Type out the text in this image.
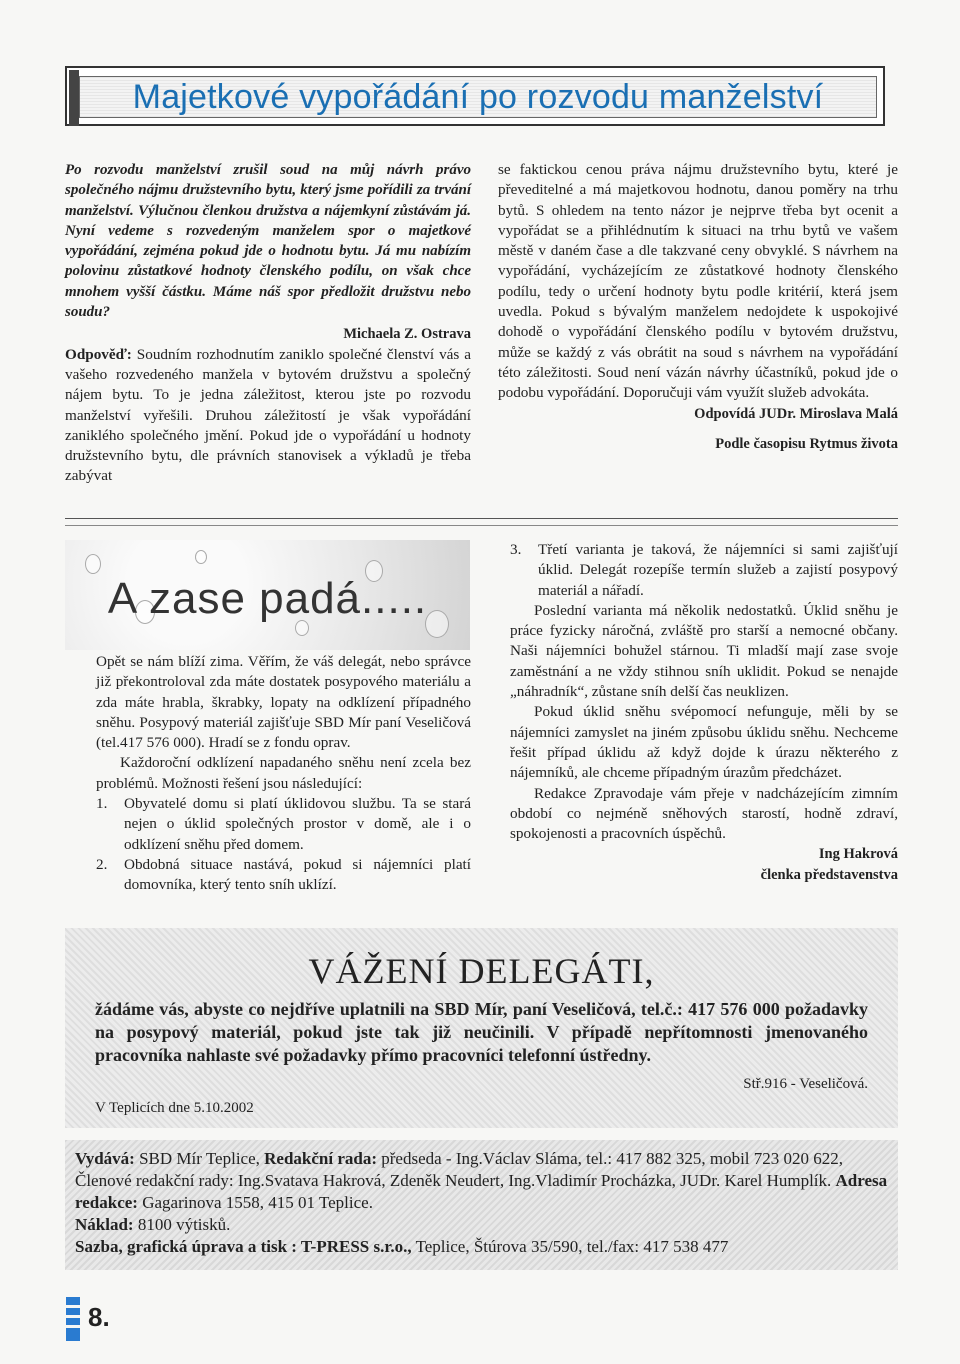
Majetkové vypořádání po rozvodu manželství

Po rozvodu manželství zrušil soud na můj návrh právo společného nájmu družstevního bytu, který jsme pořídili za trvání manželství. Výlučnou členkou družstva a nájemkyní zůstávám já. Nyní vedeme s rozvedeným manželem spor o majetkové vypořádání, zejména pokud jde o hodnotu bytu. Já mu nabízím polovinu zůstatkové hodnoty členského podílu, on však chce mnohem vyšší částku. Máme náš spor předložit družstvu nebo soudu?

Michaela Z. Ostrava

Odpověď: Soudním rozhodnutím zaniklo společné členství vás a vašeho rozvedeného manžela v bytovém družstvu a společný nájem bytu. To je jedna záležitost, kterou jste po rozvodu manželství vyřešili. Druhou záležitostí je však vypořádání zaniklého společného jmění. Pokud jde o vypořádání u hodnoty družstevního bytu, dle právních stanovisek a výkladů je třeba zabývat

se faktickou cenou práva nájmu družstevního bytu, které je převeditelné a má majetkovou hodnotu, danou poměry na trhu bytů. S ohledem na tento názor je nejprve třeba byt ocenit a vypořádat se a přihlédnutím k situaci na trhu bytů ve vašem městě v daném čase a dle takzvané ceny obvyklé. S návrhem na vypořádání, vycházejícím ze zůstatkové hodnoty členského podílu, tedy o určení hodnoty bytu podle kritérií, která jsem uvedla. Pokud s bývalým manželem nedojdete k uspokojivé dohodě o vypořádání členského podílu v bytovém družstvu, může se každý z vás obrátit na soud s návrhem na vypořádání této záležitosti. Soud není vázán návrhy účastníků, pokud jde o podobu vypořádání. Doporučuji vám využít služeb advokáta.

Odpovídá JUDr. Miroslava Malá

Podle časopisu Rytmus života

A zase padá.....

Opět se nám blíží zima. Věřím, že váš delegát, nebo správce již překontroloval zda máte dostatek posypového materiálu a zda máte hrabla, škrabky, lopaty na odklízení případného sněhu. Posypový materiál zajišťuje SBD Mír paní Veseličová (tel.417 576 000). Hradí se z fondu oprav.

Každoroční odklízení napadaného sněhu není zcela bez problémů. Možnosti řešení jsou následující:

1. Obyvatelé domu si platí úklidovou službu. Ta se stará nejen o úklid společných prostor v domě, ale i o odklízení sněhu před domem.
2. Obdobná situace nastává, pokud si nájemníci platí domovníka, který tento sníh uklízí.
3. Třetí varianta je taková, že nájemníci si sami zajišťují úklid. Delegát rozepíše termín služeb a zajistí posypový materiál a nářadí.

Poslední varianta má několik nedostatků. Úklid sněhu je práce fyzicky náročná, zvláště pro starší a nemocné občany. Naši nájemníci bohužel stárnou. Ti mladší mají zase svoje zaměstnání a ne vždy stihnou sníh uklidit. Pokud se nenajde „náhradník“, zůstane sníh delší čas neuklizen.

Pokud úklid sněhu svépomocí nefunguje, měli by se nájemníci zamyslet na jiném způsobu úklidu sněhu. Nechceme řešit případ úklidu až když dojde k úrazu některého z nájemníků, ale chceme případným úrazům předcházet.

Redakce Zpravodaje vám přeje v nadcházejícím zimním období co nejméně sněhových starostí, hodně zdraví, spokojenosti a pracovních úspěchů.

Ing Hakrová

členka představenstva

VÁŽENÍ DELEGÁTI,
žádáme vás, abyste co nejdříve uplatnili na SBD Mír, paní Veseličová, tel.č.: 417 576 000 požadavky na posypový materiál, pokud jste tak již neučinili. V případě nepřítomnosti jmenovaného pracovníka nahlaste své požadavky přímo pracovníci telefonní ústředny.
Stř.916 - Veseličová.
V Teplicích dne 5.10.2002
Vydává: SBD Mír Teplice, Redakční rada: předseda - Ing.Václav Sláma, tel.: 417 882 325, mobil 723 020 622, Členové redakční rady: Ing.Svatava Hakrová, Zdeněk Neudert, Ing.Vladimír Procházka, JUDr. Karel Humplík. Adresa redakce: Gagarinova 1558, 415 01 Teplice.
Náklad: 8100 výtisků.
Sazba, grafická úprava a tisk : T-PRESS s.r.o., Teplice, Štúrova 35/590, tel./fax: 417 538 477
8.
